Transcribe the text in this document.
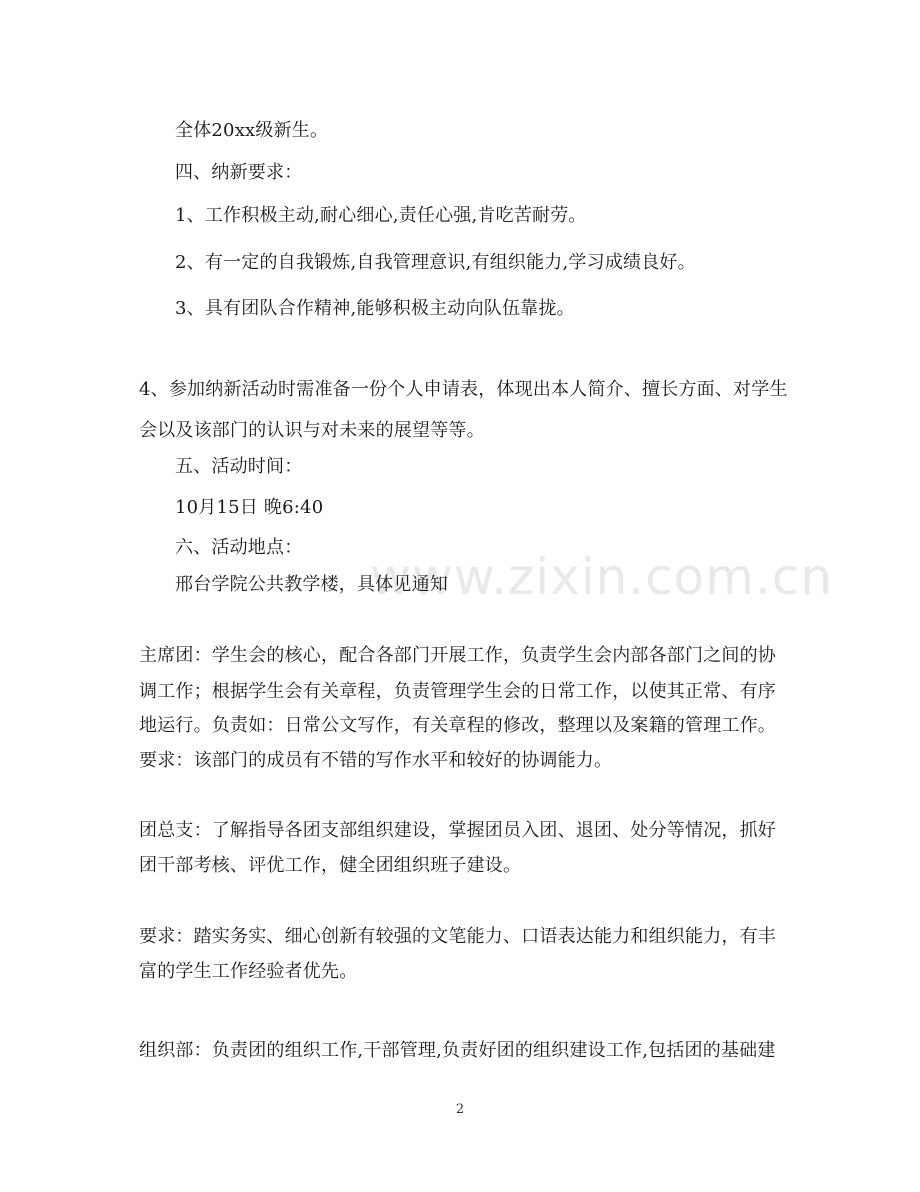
www.zixin.com.cn
全体20xx级新生。
四、纳新要求：
1、工作积极主动,耐心细心,责任心强,肯吃苦耐劳。
2、有一定的自我锻炼,自我管理意识,有组织能力,学习成绩良好。
3、具有团队合作精神,能够积极主动向队伍靠拢。
4、参加纳新活动时需准备一份个人申请表，体现出本人简介、擅长方面、对学生
会以及该部门的认识与对未来的展望等等。
五、活动时间：
10月15日 晚6:40
六、活动地点：
邢台学院公共教学楼，具体见通知
主席团：学生会的核心，配合各部门开展工作，负责学生会内部各部门之间的协
调工作；根据学生会有关章程，负责管理学生会的日常工作，以使其正常、有序
地运行。负责如：日常公文写作，有关章程的修改，整理以及案籍的管理工作。
要求：该部门的成员有不错的写作水平和较好的协调能力。
团总支：了解指导各团支部组织建设，掌握团员入团、退团、处分等情况，抓好
团干部考核、评优工作，健全团组织班子建设。
要求：踏实务实、细心创新有较强的文笔能力、口语表达能力和组织能力，有丰
富的学生工作经验者优先。
组织部：负责团的组织工作,干部管理,负责好团的组织建设工作,包括团的基础建
2
